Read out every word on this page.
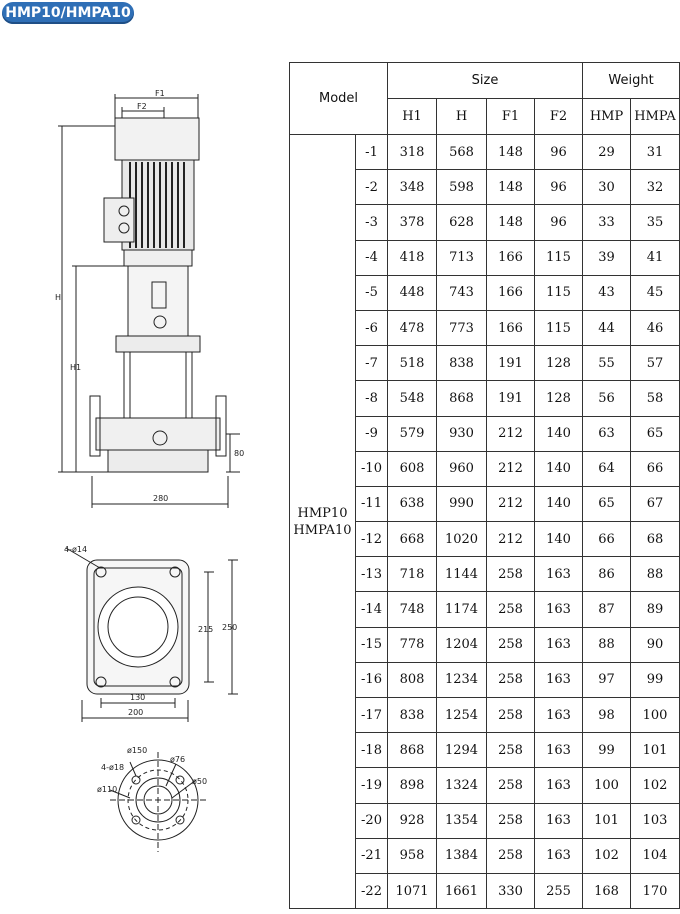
HMP10/HMPA10
F1
F2
H
H1
80
280
4-ø14
215 250
130
200
4-ø18
ø150
ø76
ø50
ø110
Model		Size				Weight	
		H1	H	F1	F2	HMP	HMPA

HMP10
HMPA10	-1	318	568	148	96	29	31
	-2	348	598	148	96	30	32
	-3	378	628	148	96	33	35
	-4	418	713	166	115	39	41
	-5	448	743	166	115	43	45
	-6	478	773	166	115	44	46
	-7	518	838	191	128	55	57
	-8	548	868	191	128	56	58
	-9	579	930	212	140	63	65
	-10	608	960	212	140	64	66
	-11	638	990	212	140	65	67
	-12	668	1020	212	140	66	68
	-13	718	1144	258	163	86	88
	-14	748	1174	258	163	87	89
	-15	778	1204	258	163	88	90
	-16	808	1234	258	163	97	99
	-17	838	1254	258	163	98	100
	-18	868	1294	258	163	99	101
	-19	898	1324	258	163	100	102
	-20	928	1354	258	163	101	103
	-21	958	1384	258	163	102	104
	-22	1071	1661	330	255	168	170
